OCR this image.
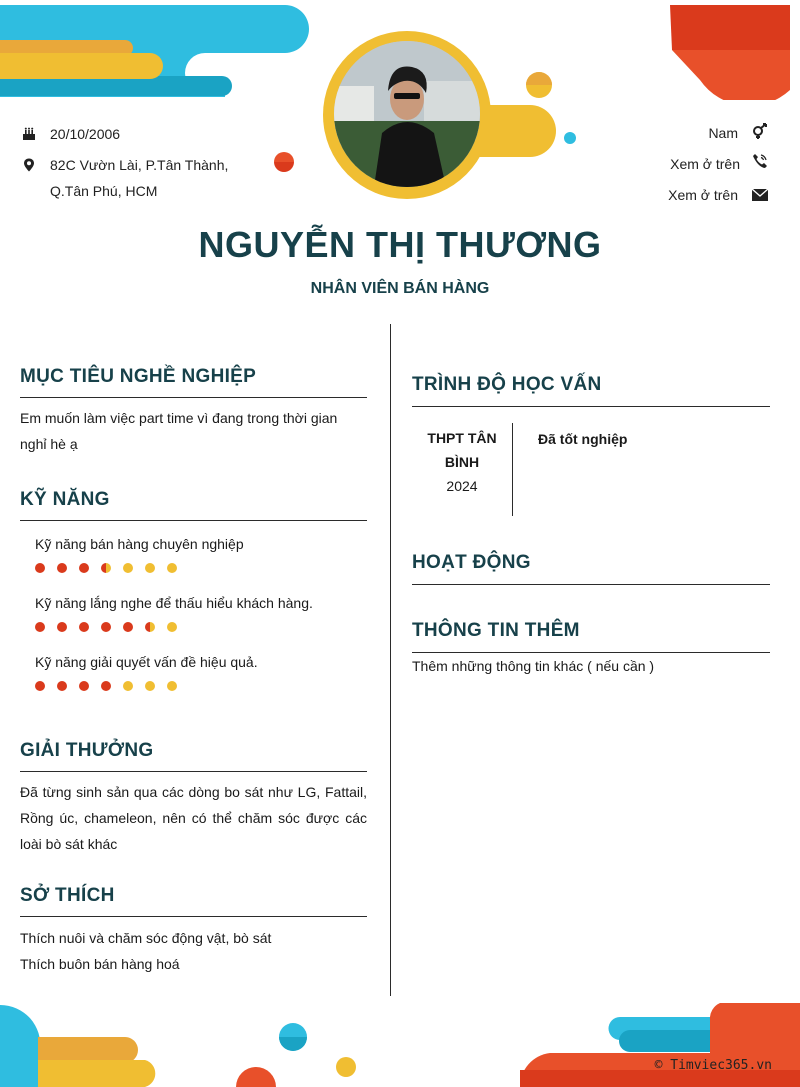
20/10/2006
82C Vườn Lài, P.Tân Thành, Q.Tân Phú, HCM
Nam
Xem ở trên
Xem ở trên
NGUYỄN THỊ THƯƠNG
NHÂN VIÊN BÁN HÀNG
MỤC TIÊU NGHỀ NGHIỆP
Em muốn làm việc part time vì đang trong thời gian nghỉ hè ạ
KỸ NĂNG
Kỹ năng bán hàng chuyên nghiệp
Kỹ năng lắng nghe để thấu hiểu khách hàng.
Kỹ năng giải quyết vấn đề hiệu quả.
GIẢI THƯỞNG
Đã từng sinh sản qua các dòng bo sát như LG, Fattail, Rồng úc, chameleon, nên có thể chăm sóc được các loài bò sát khác
SỞ THÍCH
Thích nuôi và chăm sóc động vật, bò sát
Thích buôn bán hàng hoá
TRÌNH ĐỘ HỌC VẤN
THPT TÂN BÌNH
2024
Đã tốt nghiệp
HOẠT ĐỘNG
THÔNG TIN THÊM
Thêm những thông tin khác ( nếu cần )
© Timviec365.vn
